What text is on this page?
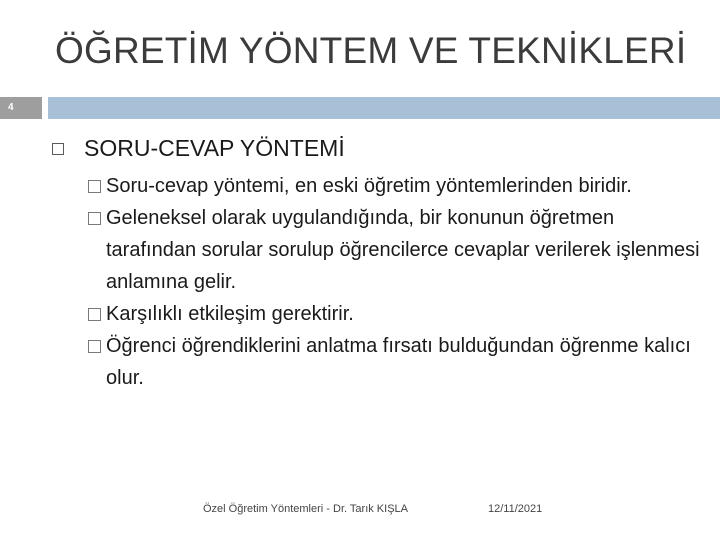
ÖĞRETİM YÖNTEM VE TEKNİKLERİ
4
SORU-CEVAP YÖNTEMİ
Soru-cevap yöntemi, en eski öğretim yöntemlerinden biridir.
Geleneksel olarak uygulandığında, bir konunun öğretmen tarafından sorular sorulup öğrencilerce cevaplar verilerek işlenmesi anlamına gelir.
Karşılıklı etkileşim gerektirir.
Öğrenci öğrendiklerini anlatma fırsatı bulduğundan öğrenme kalıcı olur.
Özel Öğretim Yöntemleri - Dr. Tarık KIŞLA	12/11/2021
